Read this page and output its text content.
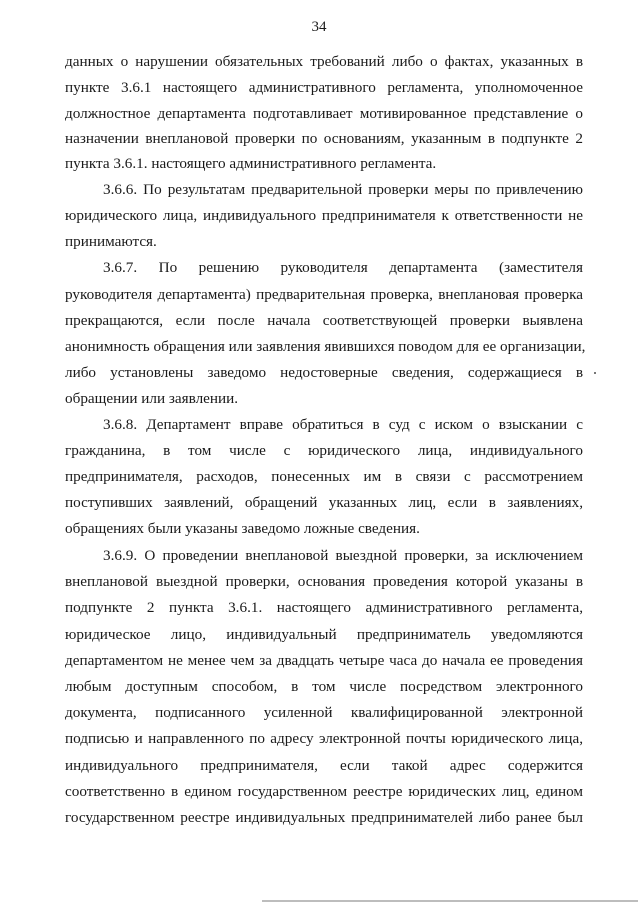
34
данных о нарушении обязательных требований либо о фактах, указанных в
пункте 3.6.1 настоящего административного регламента, уполномоченное
должностное департамента подготавливает мотивированное представление о
назначении внеплановой проверки по основаниям, указанным в подпункте 2
пункта 3.6.1. настоящего административного регламента.
3.6.6. По результатам предварительной проверки меры по привлечению
юридического лица, индивидуального предпринимателя к ответственности не
принимаются.
3.6.7. По решению руководителя департамента (заместителя
руководителя департамента) предварительная проверка, внеплановая проверка
прекращаются, если после начала соответствующей проверки выявлена
анонимность обращения или заявления явившихся поводом для ее организации,
либо установлены заведомо недостоверные сведения, содержащиеся в
обращении или заявлении.
3.6.8. Департамент вправе обратиться в суд с иском о взыскании с
гражданина, в том числе с юридического лица, индивидуального
предпринимателя, расходов, понесенных им в связи с рассмотрением
поступивших заявлений, обращений указанных лиц, если в заявлениях,
обращениях были указаны заведомо ложные сведения.
3.6.9. О проведении внеплановой выездной проверки, за исключением
внеплановой выездной проверки, основания проведения которой указаны в
подпункте 2 пункта 3.6.1. настоящего административного регламента,
юридическое лицо, индивидуальный предприниматель уведомляются
департаментом не менее чем за двадцать четыре часа до начала ее проведения
любым доступным способом, в том числе посредством электронного
документа, подписанного усиленной квалифицированной электронной
подписью и направленного по адресу электронной почты юридического лица,
индивидуального предпринимателя, если такой адрес содержится
соответственно в едином государственном реестре юридических лиц, едином
государственном реестре индивидуальных предпринимателей либо ранее был
